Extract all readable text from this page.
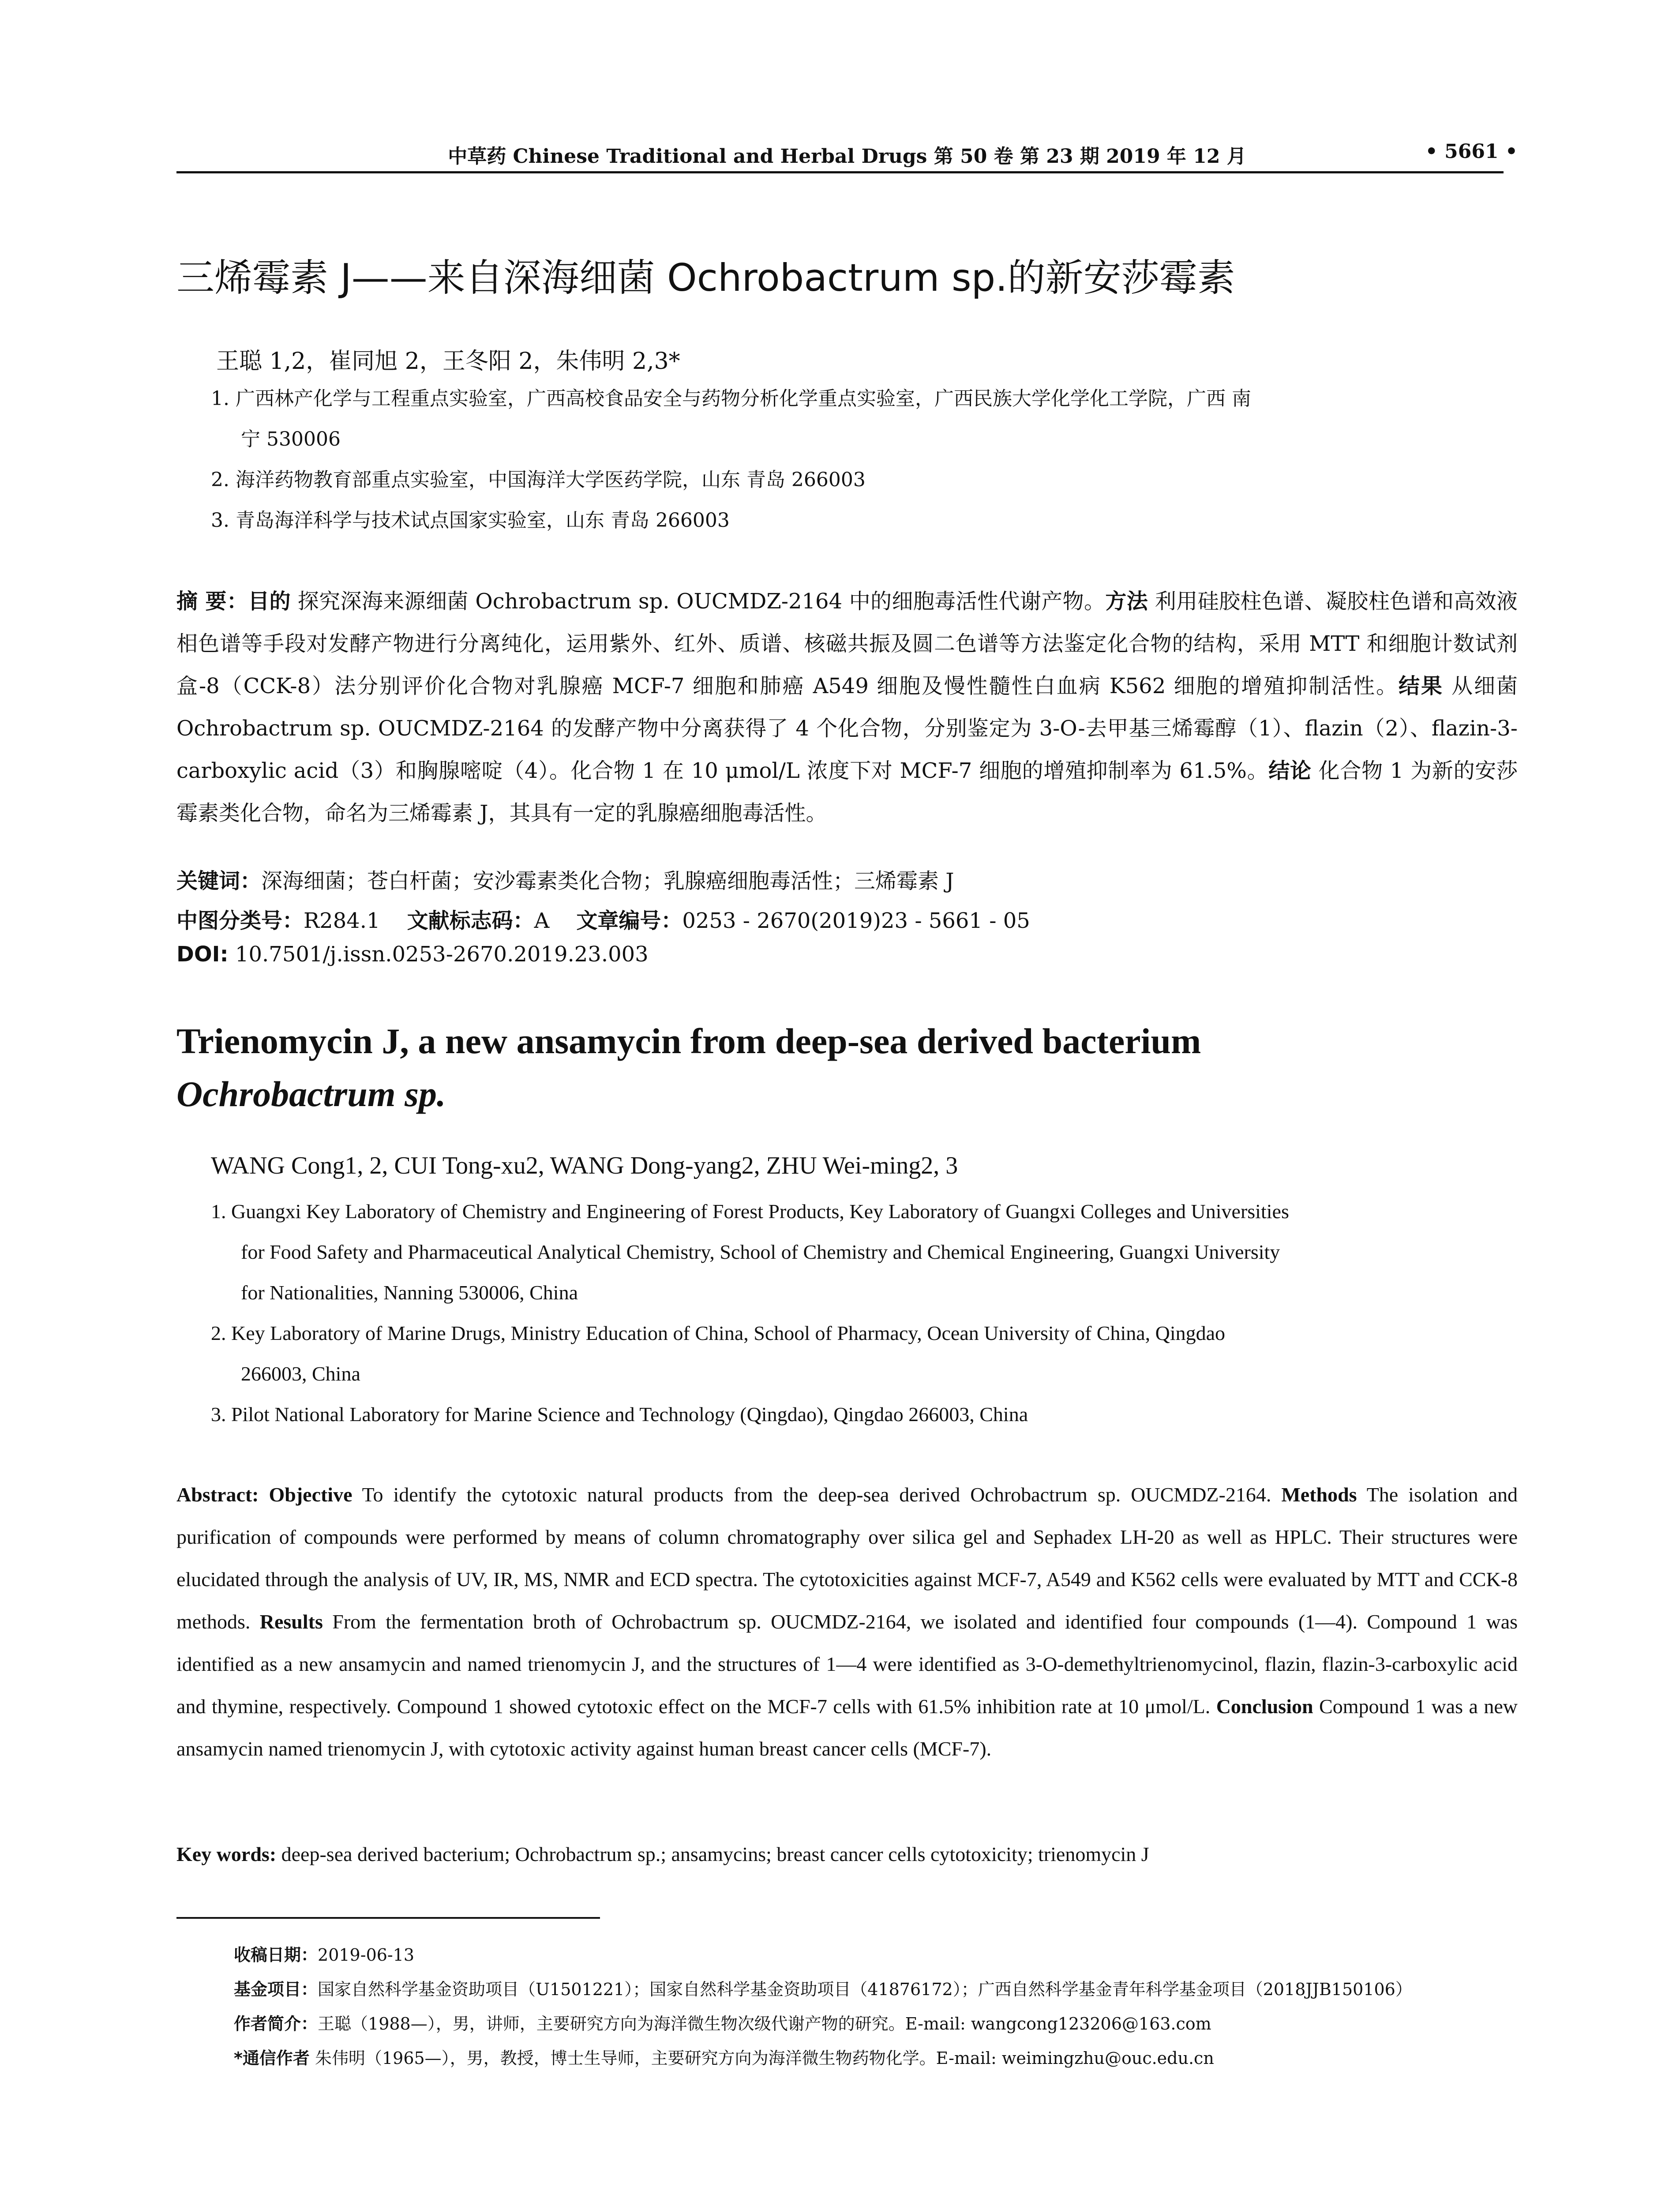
中草药 Chinese Traditional and Herbal Drugs 第 50 卷 第 23 期 2019 年 12 月	• 5661 •
三烯霉素 J——来自深海细菌 Ochrobactrum sp.的新安莎霉素
王聪 1,2，崔同旭 2，王冬阳 2，朱伟明 2,3*
1. 广西林产化学与工程重点实验室，广西高校食品安全与药物分析化学重点实验室，广西民族大学化学化工学院，广西 南
宁 530006
2. 海洋药物教育部重点实验室，中国海洋大学医药学院，山东 青岛 266003
3. 青岛海洋科学与技术试点国家实验室，山东 青岛 266003
摘 要：目的 探究深海来源细菌 Ochrobactrum sp. OUCMDZ-2164 中的细胞毒活性代谢产物。方法 利用硅胶柱色谱、凝胶柱色谱和高效液相色谱等手段对发酵产物进行分离纯化，运用紫外、红外、质谱、核磁共振及圆二色谱等方法鉴定化合物的结构，采用 MTT 和细胞计数试剂盒-8（CCK-8）法分别评价化合物对乳腺癌 MCF-7 细胞和肺癌 A549 细胞及慢性髓性白血病 K562 细胞的增殖抑制活性。结果 从细菌 Ochrobactrum sp. OUCMDZ-2164 的发酵产物中分离获得了 4 个化合物，分别鉴定为 3-O-去甲基三烯霉醇（1）、flazin（2）、flazin-3-carboxylic acid（3）和胸腺嘧啶（4）。化合物 1 在 10 μmol/L 浓度下对 MCF-7 细胞的增殖抑制率为 61.5%。结论 化合物 1 为新的安莎霉素类化合物，命名为三烯霉素 J，其具有一定的乳腺癌细胞毒活性。
关键词：深海细菌；苍白杆菌；安沙霉素类化合物；乳腺癌细胞毒活性；三烯霉素 J
中图分类号：R284.1 文献标志码：A 文章编号：0253 - 2670(2019)23 - 5661 - 05
DOI: 10.7501/j.issn.0253-2670.2019.23.003
Trienomycin J, a new ansamycin from deep-sea derived bacterium
Ochrobactrum sp.
WANG Cong1, 2, CUI Tong-xu2, WANG Dong-yang2, ZHU Wei-ming2, 3
1. Guangxi Key Laboratory of Chemistry and Engineering of Forest Products, Key Laboratory of Guangxi Colleges and Universities
for Food Safety and Pharmaceutical Analytical Chemistry, School of Chemistry and Chemical Engineering, Guangxi University
for Nationalities, Nanning 530006, China
2. Key Laboratory of Marine Drugs, Ministry Education of China, School of Pharmacy, Ocean University of China, Qingdao
266003, China
3. Pilot National Laboratory for Marine Science and Technology (Qingdao), Qingdao 266003, China
Abstract: Objective To identify the cytotoxic natural products from the deep-sea derived Ochrobactrum sp. OUCMDZ-2164. Methods The isolation and purification of compounds were performed by means of column chromatography over silica gel and Sephadex LH-20 as well as HPLC. Their structures were elucidated through the analysis of UV, IR, MS, NMR and ECD spectra. The cytotoxicities against MCF-7, A549 and K562 cells were evaluated by MTT and CCK-8 methods. Results From the fermentation broth of Ochrobactrum sp. OUCMDZ-2164, we isolated and identified four compounds (1—4). Compound 1 was identified as a new ansamycin and named trienomycin J, and the structures of 1—4 were identified as 3-O-demethyltrienomycinol, flazin, flazin-3-carboxylic acid and thymine, respectively. Compound 1 showed cytotoxic effect on the MCF-7 cells with 61.5% inhibition rate at 10 μmol/L. Conclusion Compound 1 was a new ansamycin named trienomycin J, with cytotoxic activity against human breast cancer cells (MCF-7).
Key words: deep-sea derived bacterium; Ochrobactrum sp.; ansamycins; breast cancer cells cytotoxicity; trienomycin J
收稿日期：2019-06-13
基金项目：国家自然科学基金资助项目（U1501221）；国家自然科学基金资助项目（41876172）；广西自然科学基金青年科学基金项目（2018JJB150106）
作者简介：王聪（1988—），男，讲师，主要研究方向为海洋微生物次级代谢产物的研究。E-mail: wangcong123206@163.com
*通信作者 朱伟明（1965—），男，教授，博士生导师，主要研究方向为海洋微生物药物化学。E-mail: weimingzhu@ouc.edu.cn
